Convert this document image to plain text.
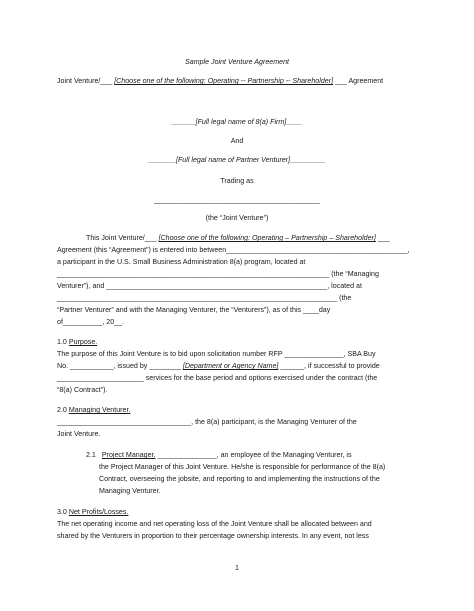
Sample Joint Venture Agreement
Joint Venture/___ [Choose one of the following: Operating -- Partnership -- Shareholder] ___ Agreement
______[Full legal name of 8(a) Firm]____
And
_______[Full legal name of Partner Venturer]_________
Trading as
__________________________________________
(the “Joint Venture”)
This Joint Venture/___ [Choose one of the following: Operating – Partnership – Shareholder] ___
Agreement (this “Agreement”) is entered into between______________________________________________,
a participant in the U.S. Small Business Administration 8(a) program, located at
_____________________________________________________________________ (the “Managing
Venturer”), and ________________________________________________________, located at
_______________________________________________________________________ (the
“Partner Venturer” and with the Managing Venturer, the “Venturers”), as of this ____day
of__________, 20__.
1.0 Purpose.
The purpose of this Joint Venture is to bid upon solicitation number RFP _______________, SBA Buy
No. ___________, issued by ________ [Department or Agency Name] ______, if successful to provide
______________________ services for the base period and options exercised under the contract (the
“8(a) Contract”).
2.0 Managing Venturer.
__________________________________, the 8(a) participant, is the Managing Venturer of the
Joint Venture.
2.1 Project Manager. _______________, an employee of the Managing Venturer, is
the Project Manager of this Joint Venture. He/she is responsible for performance of the 8(a)
Contract, overseeing the jobsite, and reporting to and implementing the instructions of the
Managing Venturer.
3.0 Net Profits/Losses.
The net operating income and net operating loss of the Joint Venture shall be allocated between and
shared by the Venturers in proportion to their percentage ownership interests. In any event, not less
1
